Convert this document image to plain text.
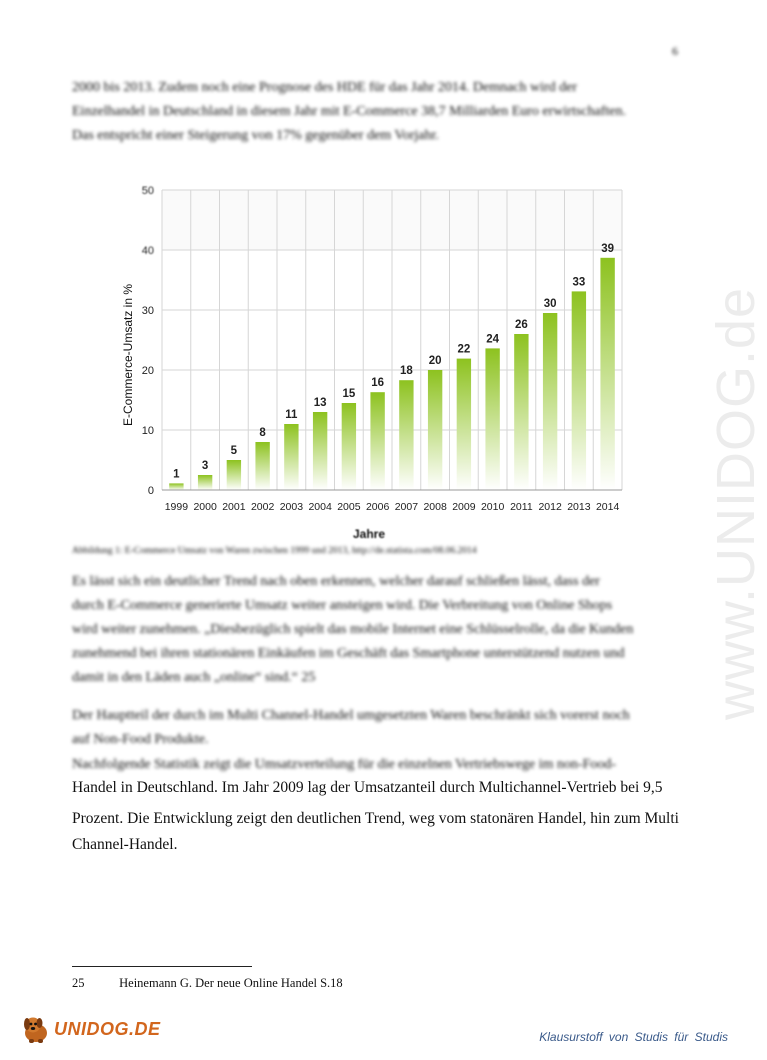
6

2000 bis 2013. Zudem noch eine Prognose des HDE für das Jahr 2014. Demnach wird der
Einzelhandel in Deutschland in diesem Jahr mit E-Commerce 38,7 Milliarden Euro erwirtschaften.
Das entspricht einer Steigerung von 17% gegenüber dem Vorjahr.

0
10
20
30
40
50
E-Commerce-Umsatz in %
1
1999
3
2000
5
2001
8
2002
11
2003
13
2004
15
2005
16
2006
18
2007
20
2008
22
2009
24
2010
26
2011
30
2012
33
2013
39
2014
Jahre
Abbildung 1: E-Commerce Umsatz von Waren zwischen 1999 und 2013, http://de.statista.com/08.06.2014

Es lässt sich ein deutlicher Trend nach oben erkennen, welcher darauf schließen lässt, dass der
durch E-Commerce generierte Umsatz weiter ansteigen wird. Die Verbreitung von Online Shops
wird weiter zunehmen. „Diesbezüglich spielt das mobile Internet eine Schlüsselrolle, da die Kunden
zunehmend bei ihren stationären Einkäufen im Geschäft das Smartphone unterstützend nutzen und
damit in den Läden auch „online“ sind.“ 25

Der Hauptteil der durch im Multi Channel-Handel umgesetzten Waren beschränkt sich vorerst noch
auf Non-Food Produkte.

Nachfolgende Statistik zeigt die Umsatzverteilung für die einzelnen Vertriebswege im non-Food-

Handel in Deutschland. Im Jahr 2009 lag der Umsatzanteil durch Multichannel-Vertrieb bei 9,5

Prozent. Die Entwicklung zeigt den deutlichen Trend, weg vom statonären Handel, hin zum Multi
Channel-Handel.

25	Heinemann G. Der neue Online Handel S.18
www.UNIDOG.de
UNIDOG.DE	Klausurstoff von Studis für Studis
